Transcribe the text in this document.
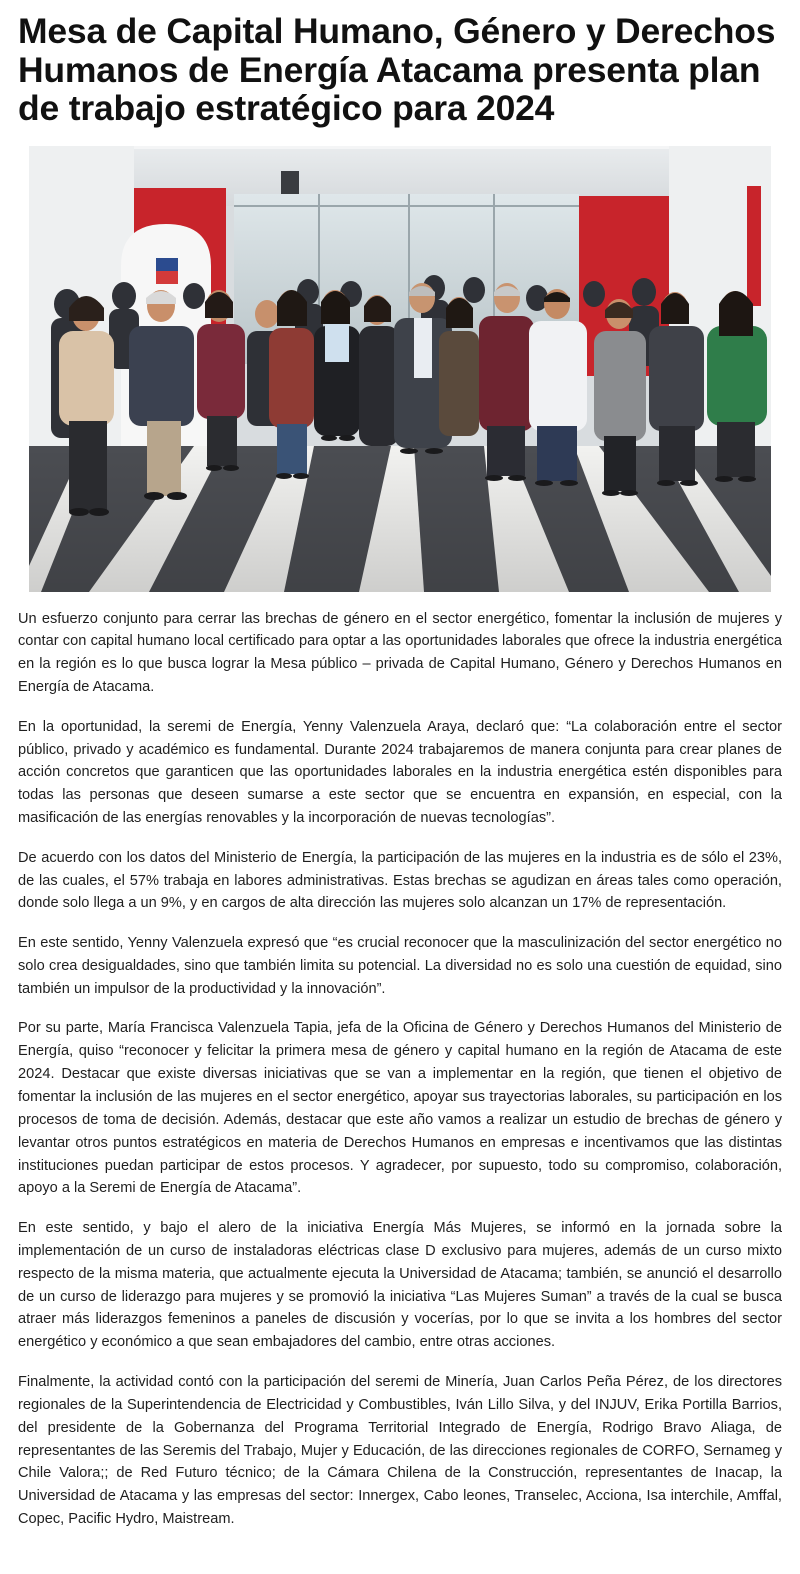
Mesa de Capital Humano, Género y Derechos Humanos de Energía Atacama presenta plan de trabajo estratégico para 2024

Un esfuerzo conjunto para cerrar las brechas de género en el sector energético, fomentar la inclusión de mujeres y contar con capital humano local certificado para optar a las oportunidades laborales que ofrece la industria energética en la región es lo que busca lograr la Mesa público – privada de Capital Humano, Género y Derechos Humanos en Energía de Atacama.

En la oportunidad, la seremi de Energía, Yenny Valenzuela Araya, declaró que: “La colaboración entre el sector público, privado y académico es fundamental. Durante 2024 trabajaremos de manera conjunta para crear planes de acción concretos que garanticen que las oportunidades laborales en la industria energética estén disponibles para todas las personas que deseen sumarse a este sector que se encuentra en expansión, en especial, con la masificación de las energías renovables y la incorporación de nuevas tecnologías”.

De acuerdo con los datos del Ministerio de Energía, la participación de las mujeres en la industria es de sólo el 23%, de las cuales, el 57% trabaja en labores administrativas. Estas brechas se agudizan en áreas tales como operación, donde solo llega a un 9%, y en cargos de alta dirección las mujeres solo alcanzan un 17% de representación.

En este sentido, Yenny Valenzuela expresó que “es crucial reconocer que la masculinización del sector energético no solo crea desigualdades, sino que también limita su potencial. La diversidad no es solo una cuestión de equidad, sino también un impulsor de la productividad y la innovación”.

Por su parte, María Francisca Valenzuela Tapia, jefa de la Oficina de Género y Derechos Humanos del Ministerio de Energía, quiso “reconocer y felicitar la primera mesa de género y capital humano en la región de Atacama de este 2024. Destacar que existe diversas iniciativas que se van a implementar en la región, que tienen el objetivo de fomentar la inclusión de las mujeres en el sector energético, apoyar sus trayectorias laborales, su participación en los procesos de toma de decisión. Además, destacar que este año vamos a realizar un estudio de brechas de género y levantar otros puntos estratégicos en materia de Derechos Humanos en empresas e incentivamos que las distintas instituciones puedan participar de estos procesos. Y agradecer, por supuesto, todo su compromiso, colaboración, apoyo a la Seremi de Energía de Atacama”.

En este sentido, y bajo el alero de la iniciativa Energía Más Mujeres, se informó en la jornada sobre la implementación de un curso de instaladoras eléctricas clase D exclusivo para mujeres, además de un curso mixto respecto de la misma materia, que actualmente ejecuta la Universidad de Atacama; también, se anunció el desarrollo de un curso de liderazgo para mujeres y se promovió la iniciativa “Las Mujeres Suman” a través de la cual se busca atraer más liderazgos femeninos a paneles de discusión y vocerías, por lo que se invita a los hombres del sector energético y económico a que sean embajadores del cambio, entre otras acciones.

Finalmente, la actividad contó con la participación del seremi de Minería, Juan Carlos Peña Pérez, de los directores regionales de la Superintendencia de Electricidad y Combustibles, Iván Lillo Silva, y del INJUV, Erika Portilla Barrios, del presidente de la Gobernanza del Programa Territorial Integrado de Energía, Rodrigo Bravo Aliaga, de representantes de las Seremis del Trabajo, Mujer y Educación, de las direcciones regionales de CORFO, Sernameg y Chile Valora;; de Red Futuro técnico; de la Cámara Chilena de la Construcción, representantes de Inacap, la Universidad de Atacama y las empresas del sector: Innergex, Cabo leones, Transelec, Acciona, Isa interchile, Amffal, Copec, Pacific Hydro, Maistream.
